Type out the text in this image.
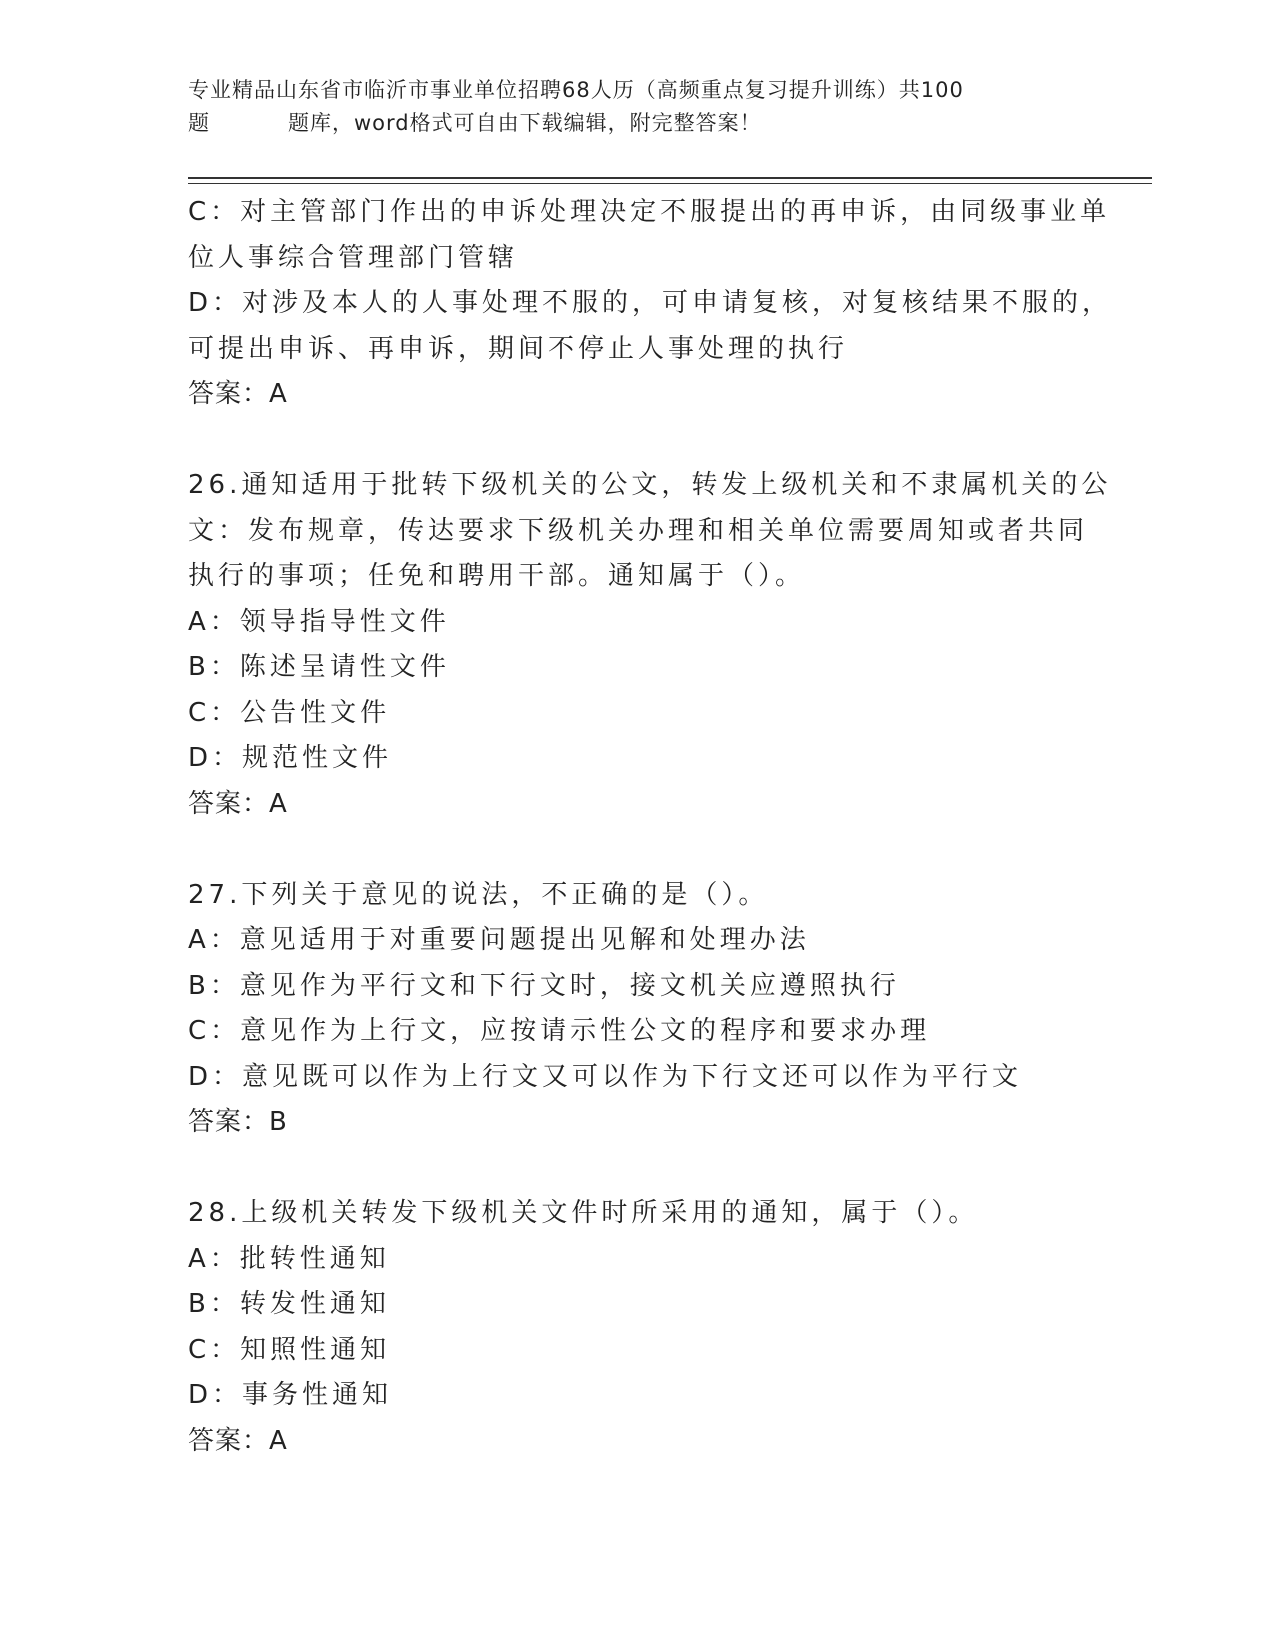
专业精品山东省市临沂市事业单位招聘68人历（高频重点复习提升训练）共100
题	题库，word格式可自由下载编辑，附完整答案！
C：对主管部门作出的申诉处理决定不服提出的再申诉，由同级事业单
位人事综合管理部门管辖
D：对涉及本人的人事处理不服的，可申请复核，对复核结果不服的，
可提出申诉、再申诉，期间不停止人事处理的执行
答案：A
26.通知适用于批转下级机关的公文，转发上级机关和不隶属机关的公
文：发布规章，传达要求下级机关办理和相关单位需要周知或者共同
执行的事项；任免和聘用干部。通知属于（）。
A：领导指导性文件
B：陈述呈请性文件
C：公告性文件
D：规范性文件
答案：A
27.下列关于意见的说法，不正确的是（）。
A：意见适用于对重要问题提出见解和处理办法
B：意见作为平行文和下行文时，接文机关应遵照执行
C：意见作为上行文，应按请示性公文的程序和要求办理
D：意见既可以作为上行文又可以作为下行文还可以作为平行文
答案：B
28.上级机关转发下级机关文件时所采用的通知，属于（）。
A：批转性通知
B：转发性通知
C：知照性通知
D：事务性通知
答案：A
